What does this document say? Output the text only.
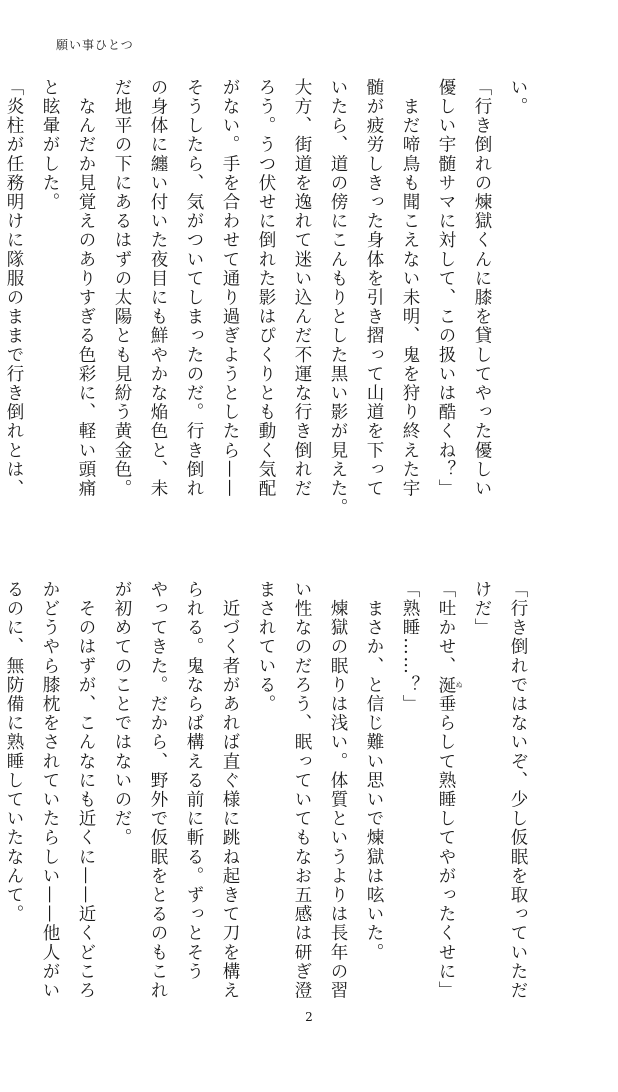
願い事ひとつ

い。
「行き倒れの煉獄くんに膝を貸してやった優しい
優しい宇髄サマに対して、この扱いは酷くね？」
　まだ啼鳥も聞こえない未明、鬼を狩り終えた宇
髄が疲労しきった身体を引き摺って山道を下って
いたら、道の傍にこんもりとした黒い影が見えた。
大方、街道を逸れて迷い込んだ不運な行き倒れだ
ろう。うつ伏せに倒れた影はぴくりとも動く気配
がない。手を合わせて通り過ぎようとしたら——
そうしたら、気がついてしまったのだ。行き倒れ
の身体に纏い付いた夜目にも鮮やかな焔色と、未
だ地平の下にあるはずの太陽とも見紛う黄金色。
　なんだか見覚えのありすぎる色彩に、軽い頭痛
と眩暈がした。
「炎柱が任務明けに隊服のままで行き倒れとは、

「行き倒れではないぞ、少し仮眠を取っていただ
けだ」
「吐かせ、涎 ぬ垂らして熟睡してやがったくせに」
「熟睡……？」
　まさか、と信じ難い思いで煉獄は呟いた。
　煉獄の眠りは浅い。体質というよりは長年の習
い性なのだろう、眠っていてもなお五感は研ぎ澄
まされている。
　近づく者があれば直ぐ様に跳ね起きて刀を構え
られる。鬼ならば構える前に斬る。ずっとそう
やってきた。だから、野外で仮眠をとるのもこれ
が初めてのことではないのだ。
　そのはずが、こんなにも近くに——近くどころ
かどうやら膝枕をされていたらしい——他人がい
るのに、無防備に熟睡していたなんて。

2
